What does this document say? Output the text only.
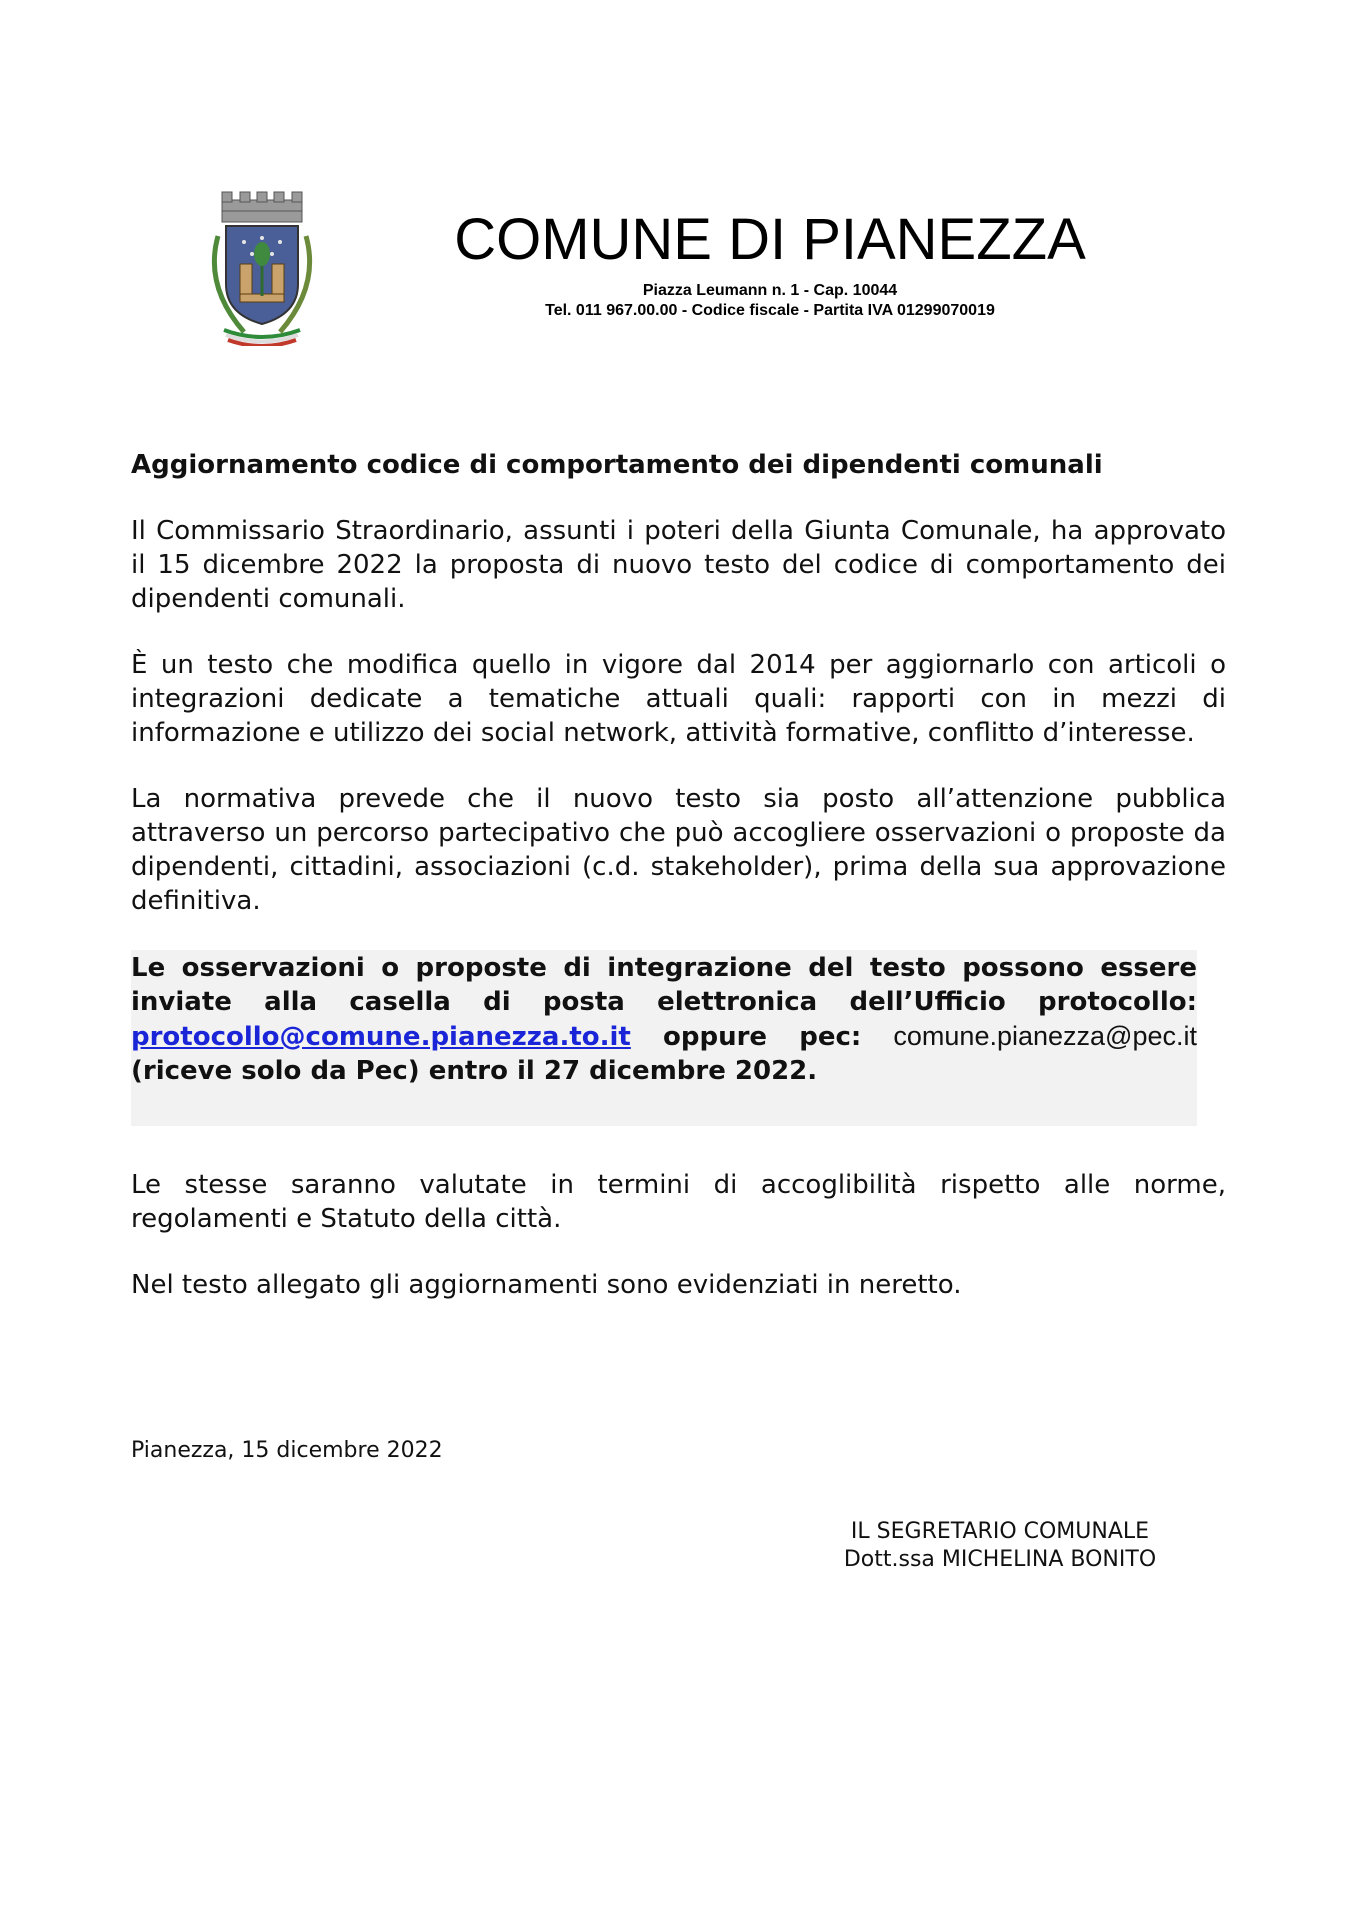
COMUNE DI PIANEZZA
Piazza Leumann n. 1 - Cap. 10044
Tel. 011 967.00.00 - Codice fiscale - Partita IVA 01299070019

Aggiornamento codice di comportamento dei dipendenti comunali

Il Commissario Straordinario, assunti i poteri della Giunta Comunale, ha approvato il 15 dicembre 2022 la proposta di nuovo testo del codice di comportamento dei dipendenti comunali.

È un testo che modifica quello in vigore dal 2014 per aggiornarlo con articoli o integrazioni dedicate a tematiche attuali quali: rapporti con in mezzi di informazione e utilizzo dei social network, attività formative, conflitto d’interesse.

La normativa prevede che il nuovo testo sia posto all’attenzione pubblica attraverso un percorso partecipativo che può accogliere osservazioni o proposte da dipendenti, cittadini, associazioni (c.d. stakeholder), prima della sua approvazione definitiva.

Le osservazioni o proposte di integrazione del testo possono essere inviate alla casella di posta elettronica dell’Ufficio protocollo: protocollo@comune.pianezza.to.it oppure pec: comune.pianezza@pec.it (riceve solo da Pec) entro il 27 dicembre 2022.

Le stesse saranno valutate in termini di accoglibilità rispetto alle norme, regolamenti e Statuto della città.

Nel testo allegato gli aggiornamenti sono evidenziati in neretto.

Pianezza, 15 dicembre 2022
IL SEGRETARIO COMUNALE
Dott.ssa MICHELINA BONITO
